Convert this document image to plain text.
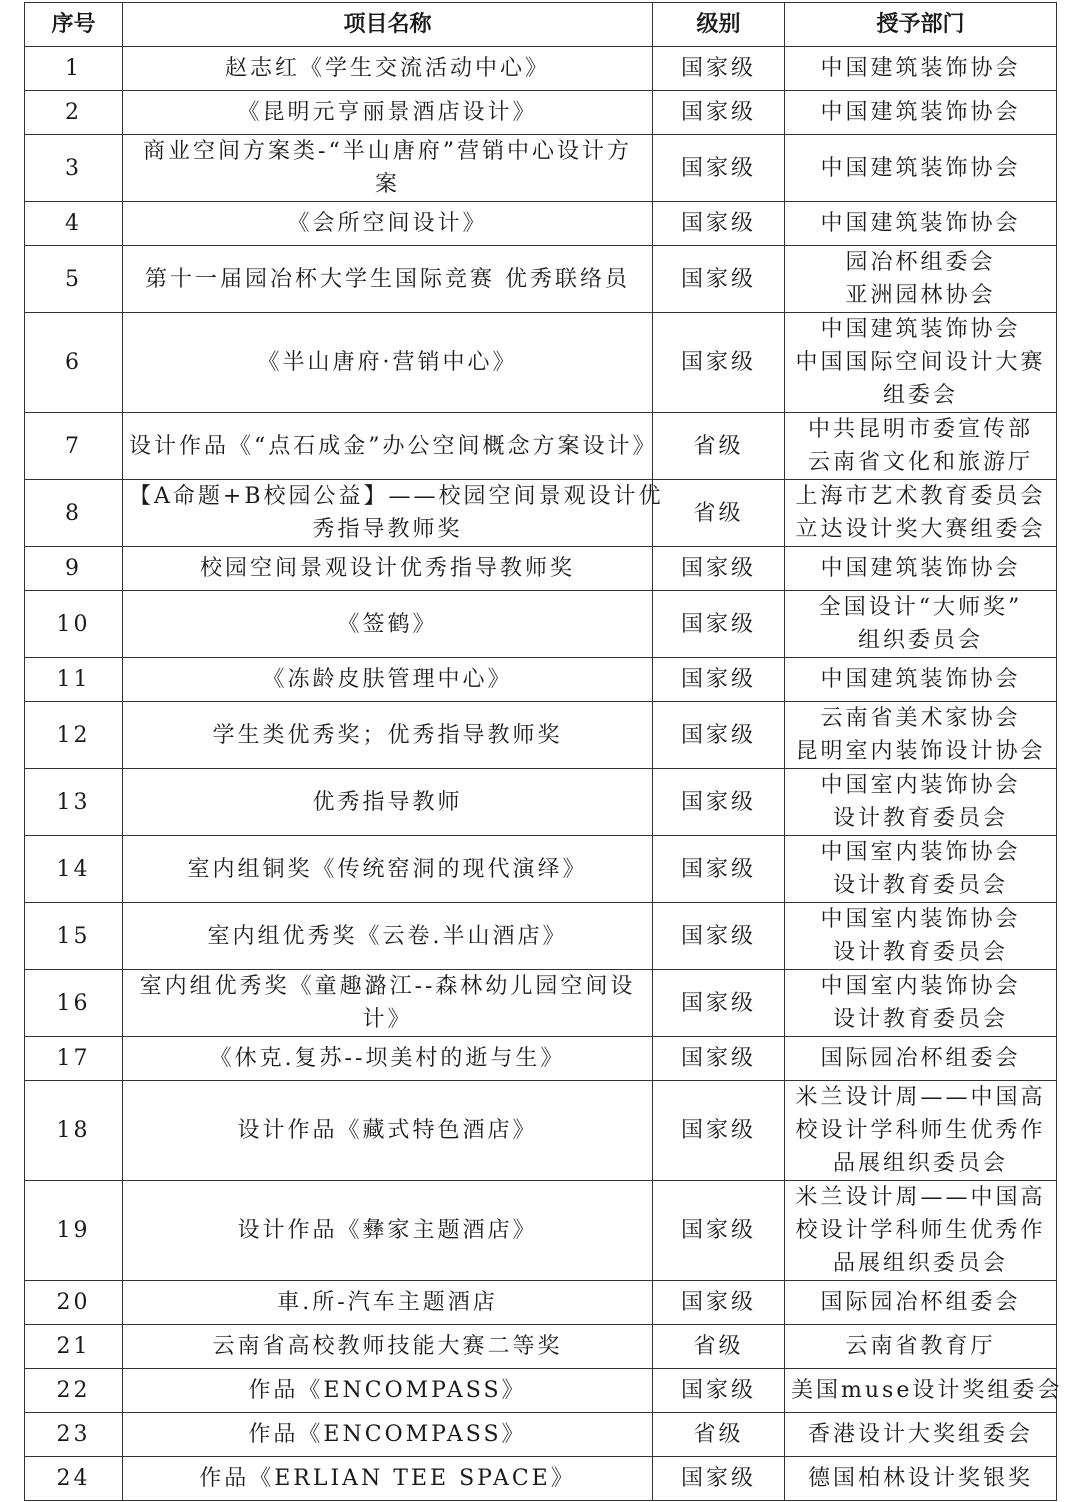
序号	项目名称	级别	授予部门
1	赵志红《学生交流活动中心》	国家级	中国建筑装饰协会

2	《昆明元亨丽景酒店设计》	国家级	中国建筑装饰协会

3	商业空间方案类-“半山唐府”营销中心设计方
案	国家级	中国建筑装饰协会

4	《会所空间设计》	国家级	中国建筑装饰协会

5	第十一届园冶杯大学生国际竞赛 优秀联络员	国家级	园冶杯组委会
亚洲园林协会

6	《半山唐府·营销中心》	国家级	中国建筑装饰协会
中国国际空间设计大赛
组委会

7	设计作品《“点石成金”办公空间概念方案设计》	省级	中共昆明市委宣传部
云南省文化和旅游厅

8	【A命题+B校园公益】——校园空间景观设计优
秀指导教师奖	省级	上海市艺术教育委员会
立达设计奖大赛组委会

9	校园空间景观设计优秀指导教师奖	国家级	中国建筑装饰协会

10	《签鹤》	国家级	全国设计“大师奖”
组织委员会

11	《冻龄皮肤管理中心》	国家级	中国建筑装饰协会

12	学生类优秀奖；优秀指导教师奖	国家级	云南省美术家协会
昆明室内装饰设计协会

13	优秀指导教师	国家级	中国室内装饰协会
设计教育委员会

14	室内组铜奖《传统窑洞的现代演绎》	国家级	中国室内装饰协会
设计教育委员会

15	室内组优秀奖《云卷.半山酒店》	国家级	中国室内装饰协会
设计教育委员会

16	室内组优秀奖《童趣潞江--森林幼儿园空间设
计》	国家级	中国室内装饰协会
设计教育委员会

17	《休克.复苏--坝美村的逝与生》	国家级	国际园冶杯组委会

18	设计作品《藏式特色酒店》	国家级	米兰设计周——中国高
校设计学科师生优秀作
品展组织委员会

19	设计作品《彝家主题酒店》	国家级	米兰设计周——中国高
校设计学科师生优秀作
品展组织委员会

20	車.所-汽车主题酒店	国家级	国际园冶杯组委会

21	云南省高校教师技能大赛二等奖	省级	云南省教育厅

22	作品《ENCOMPASS》	国家级	美国muse设计奖组委会

23	作品《ENCOMPASS》	省级	香港设计大奖组委会

24	作品《ERLIAN TEE SPACE》	国家级	德国柏林设计奖银奖
